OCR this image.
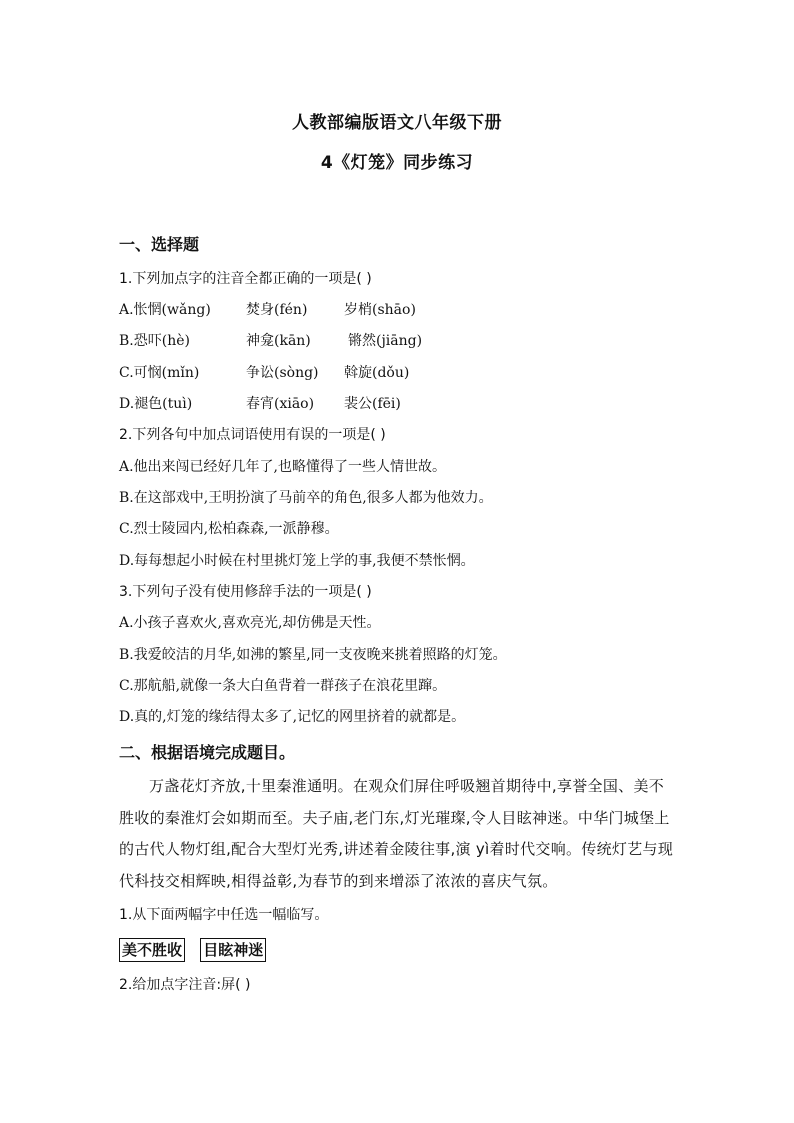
人教部编版语文八年级下册
4《灯笼》同步练习
一、选择题
1.下列加点字的注音全都正确的一项是( )
A.怅惘(wǎng)	焚身(fén)	岁梢(shāo)
B.恐吓(hè)	神龛(kān)	锵然(jiāng)
C.可悯(mǐn)	争讼(sòng) 斡旋(dǒu)
D.褪色(tuì)	春宵(xiāo) 裴公(fēi)
2.下列各句中加点词语使用有误的一项是( )
A.他出来闯已经好几年了,也略懂得了一些人情世故。
B.在这部戏中,王明扮演了马前卒的角色,很多人都为他效力。
C.烈士陵园内,松柏森森,一派静穆。
D.每每想起小时候在村里挑灯笼上学的事,我便不禁怅惘。
3.下列句子没有使用修辞手法的一项是( )
A.小孩子喜欢火,喜欢亮光,却仿佛是天性。
B.我爱皎洁的月华,如沸的繁星,同一支夜晚来挑着照路的灯笼。
C.那航船,就像一条大白鱼背着一群孩子在浪花里蹿。
D.真的,灯笼的缘结得太多了,记忆的网里挤着的就都是。
二、根据语境完成题目。
万盏花灯齐放,十里秦淮通明。在观众们屏住呼吸翘首期待中,享誉全国、美不胜收的秦淮灯会如期而至。夫子庙,老门东,灯光璀璨,令人目眩神迷。中华门城堡上的古代人物灯组,配合大型灯光秀,讲述着金陵往事,演 yì着时代交响。传统灯艺与现代科技交相辉映,相得益彰,为春节的到来增添了浓浓的喜庆气氛。
1.从下面两幅字中任选一幅临写。
美不胜收 目眩神迷
2.给加点字注音:屏( )
